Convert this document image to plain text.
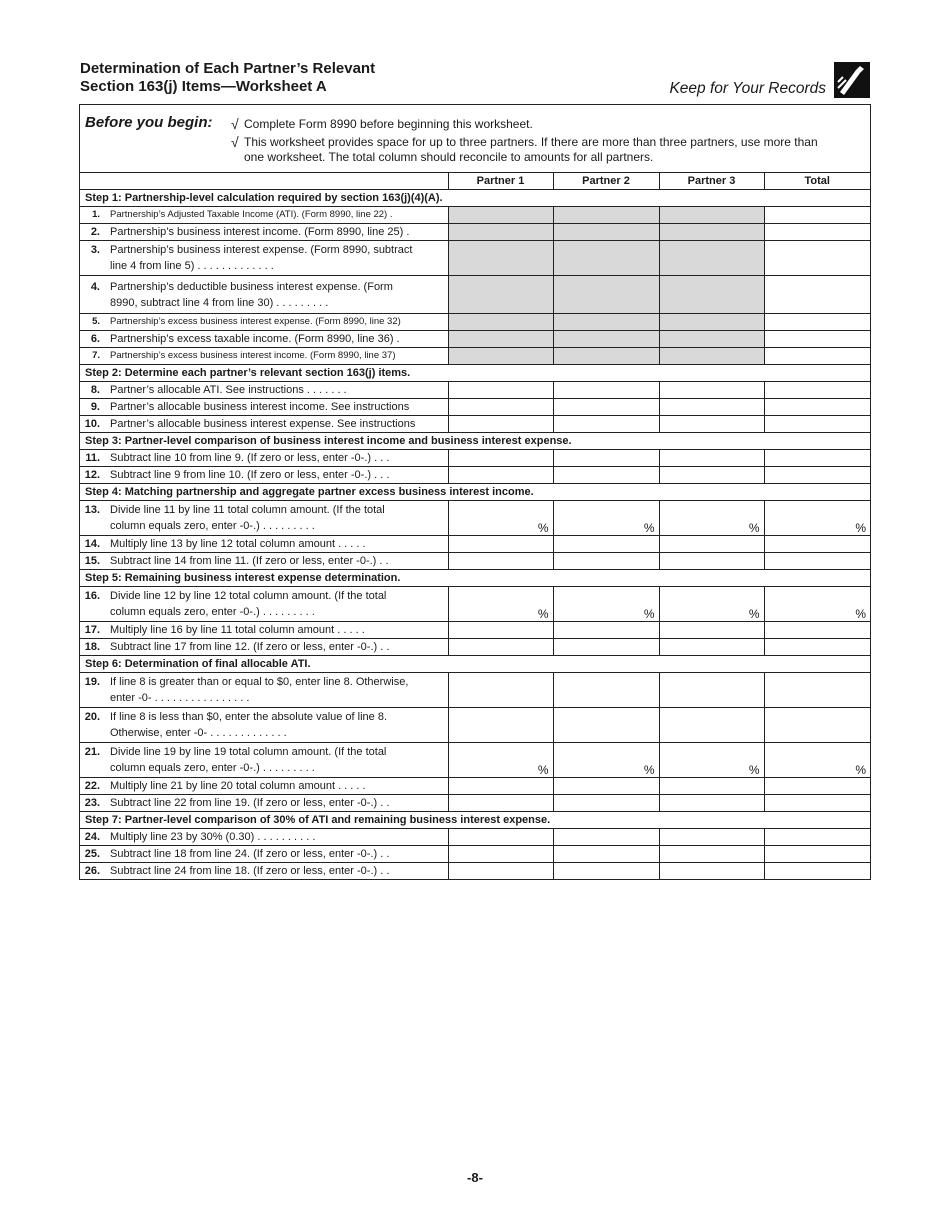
Determination of Each Partner’s Relevant
Section 163(j) Items—Worksheet A	Keep for Your Records
Before you begin: √ Complete Form 8990 before beginning this worksheet.
√ This worksheet provides space for up to three partners. If there are more than three partners, use more than
one worksheet. The total column should reconcile to amounts for all partners.
	Partner 1	Partner 2	Partner 3	Total
Step 1: Partnership-level calculation required by section 163(j)(4)(A).				

1. Partnership’s Adjusted Taxable Income (ATI). (Form 8990, line 22) .				

2. Partnership’s business interest income. (Form 8990, line 25) .				

3. Partnership’s business interest expense. (Form 8990, subtract
line 4 from line 5) . . . . . . . . . . . . .				

4. Partnership’s deductible business interest expense. (Form
8990, subtract line 4 from line 30) . . . . . . . . .				

5. Partnership’s excess business interest expense. (Form 8990, line 32)				

6. Partnership’s excess taxable income. (Form 8990, line 36) .				

7. Partnership’s excess business interest income. (Form 8990, line 37)				

Step 2: Determine each partner’s relevant section 163(j) items.				

8. Partner’s allocable ATI. See instructions . . . . . . .				

9. Partner’s allocable business interest income. See instructions				

10. Partner’s allocable business interest expense. See instructions				

Step 3: Partner-level comparison of business interest income and business interest expense.				

11. Subtract line 10 from line 9. (If zero or less, enter -0-.) . . .				

12. Subtract line 9 from line 10. (If zero or less, enter -0-.) . . .				

Step 4: Matching partnership and aggregate partner excess business interest income.				

13. Divide line 11 by line 11 total column amount. (If the total
column equals zero, enter -0-.) . . . . . . . . .	%	%	%	%

14. Multiply line 13 by line 12 total column amount . . . . .				

15. Subtract line 14 from line 11. (If zero or less, enter -0-.) . .				

Step 5: Remaining business interest expense determination.				

16. Divide line 12 by line 12 total column amount. (If the total
column equals zero, enter -0-.) . . . . . . . . .	%	%	%	%

17. Multiply line 16 by line 11 total column amount . . . . .				

18. Subtract line 17 from line 12. (If zero or less, enter -0-.) . .				

Step 6: Determination of final allocable ATI.				

19. If line 8 is greater than or equal to $0, enter line 8. Otherwise,
enter -0- . . . . . . . . . . . . . . . .				

20. If line 8 is less than $0, enter the absolute value of line 8.
Otherwise, enter -0- . . . . . . . . . . . . .				

21. Divide line 19 by line 19 total column amount. (If the total
column equals zero, enter -0-.) . . . . . . . . .	%	%	%	%

22. Multiply line 21 by line 20 total column amount . . . . .				

23. Subtract line 22 from line 19. (If zero or less, enter -0-.) . .				

Step 7: Partner-level comparison of 30% of ATI and remaining business interest expense.				

24. Multiply line 23 by 30% (0.30) . . . . . . . . . .				

25. Subtract line 18 from line 24. (If zero or less, enter -0-.) . .				

26. Subtract line 24 from line 18. (If zero or less, enter -0-.) . .				

-8-
